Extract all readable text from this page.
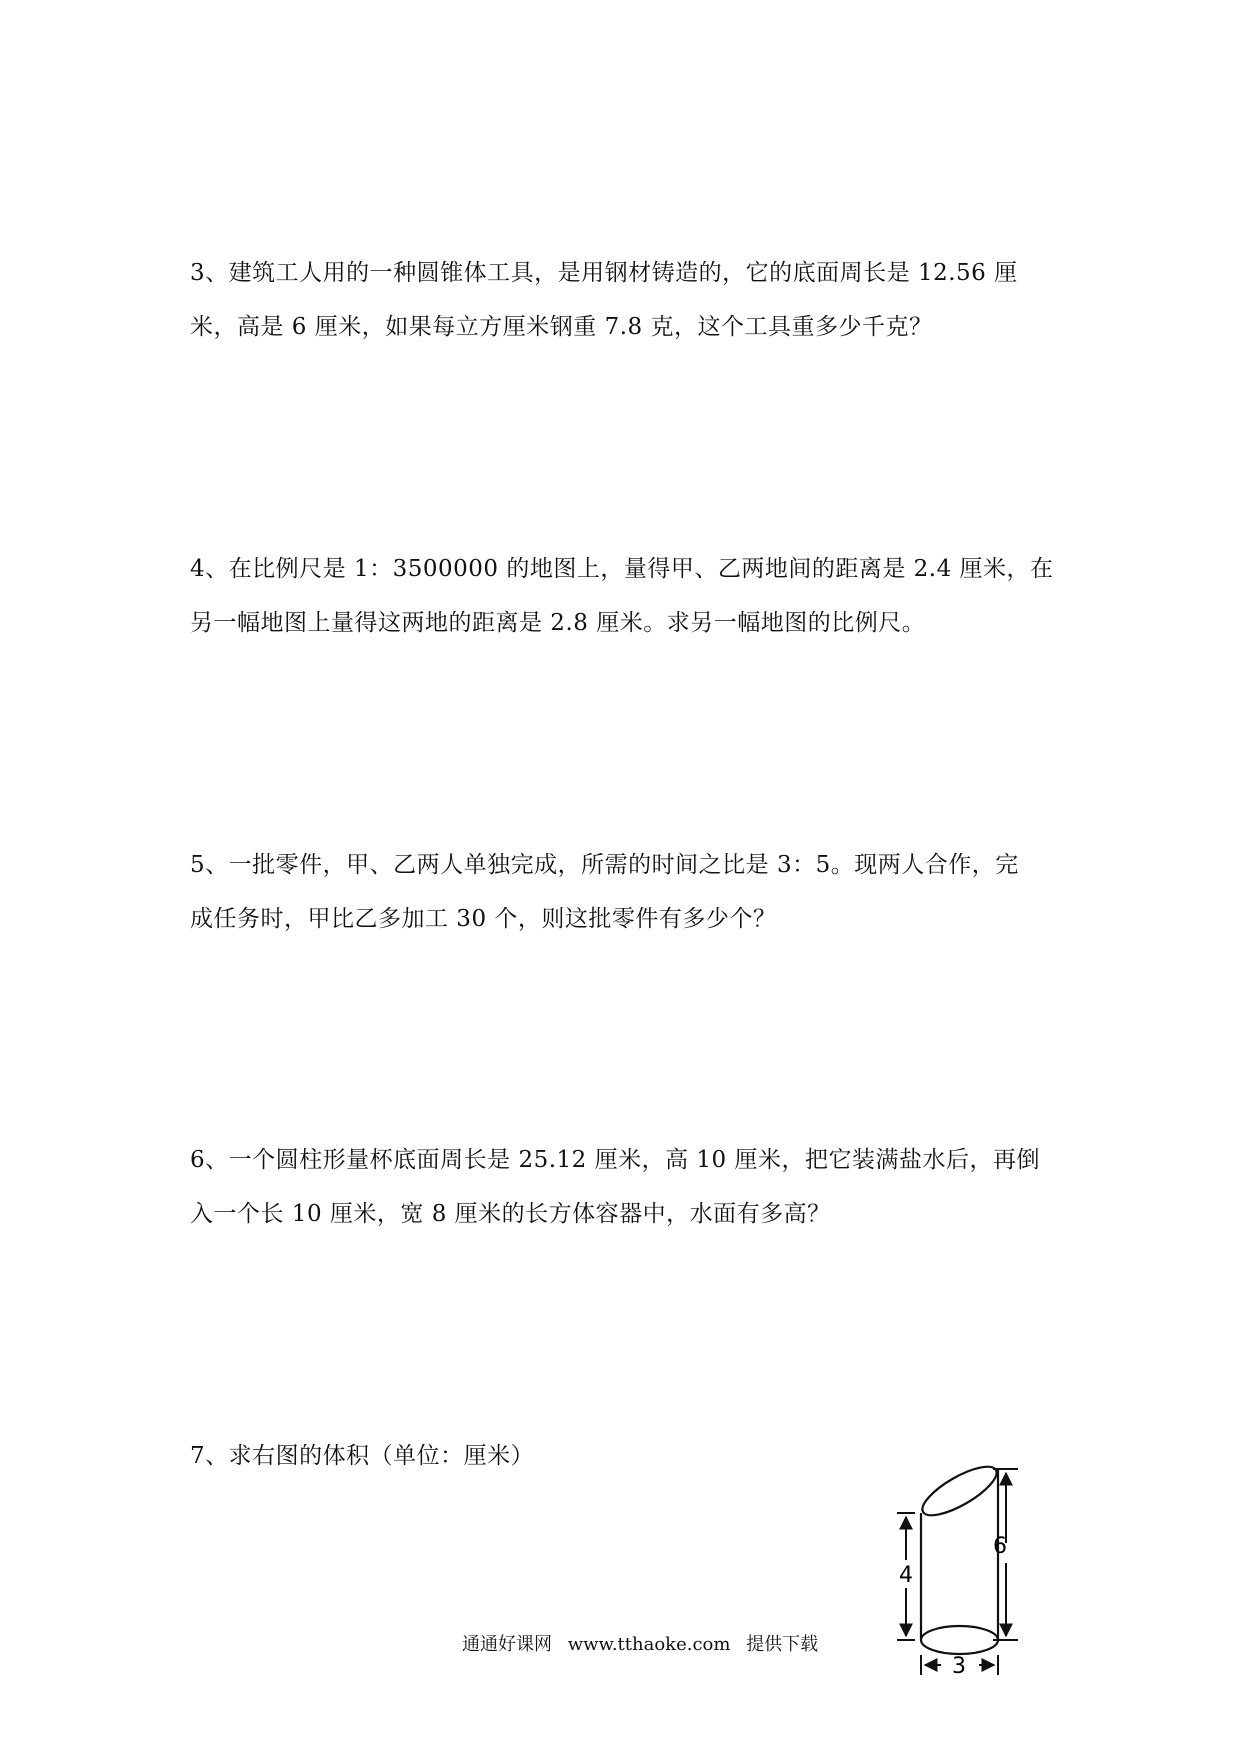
3、建筑工人用的一种圆锥体工具，是用钢材铸造的，它的底面周长是 12.56 厘

米，高是 6 厘米，如果每立方厘米钢重 7.8 克，这个工具重多少千克？

4、在比例尺是 1：3500000 的地图上，量得甲、乙两地间的距离是 2.4 厘米，在

另一幅地图上量得这两地的距离是 2.8 厘米。求另一幅地图的比例尺。

5、一批零件，甲、乙两人单独完成，所需的时间之比是 3：5。现两人合作，完

成任务时，甲比乙多加工 30 个，则这批零件有多少个？

6、一个圆柱形量杯底面周长是 25.12 厘米，高 10 厘米，把它装满盐水后，再倒

入一个长 10 厘米，宽 8 厘米的长方体容器中，水面有多高？

7、求右图的体积（单位：厘米）

4
6
3
通通好课网 www.tthaoke.com 提供下载
